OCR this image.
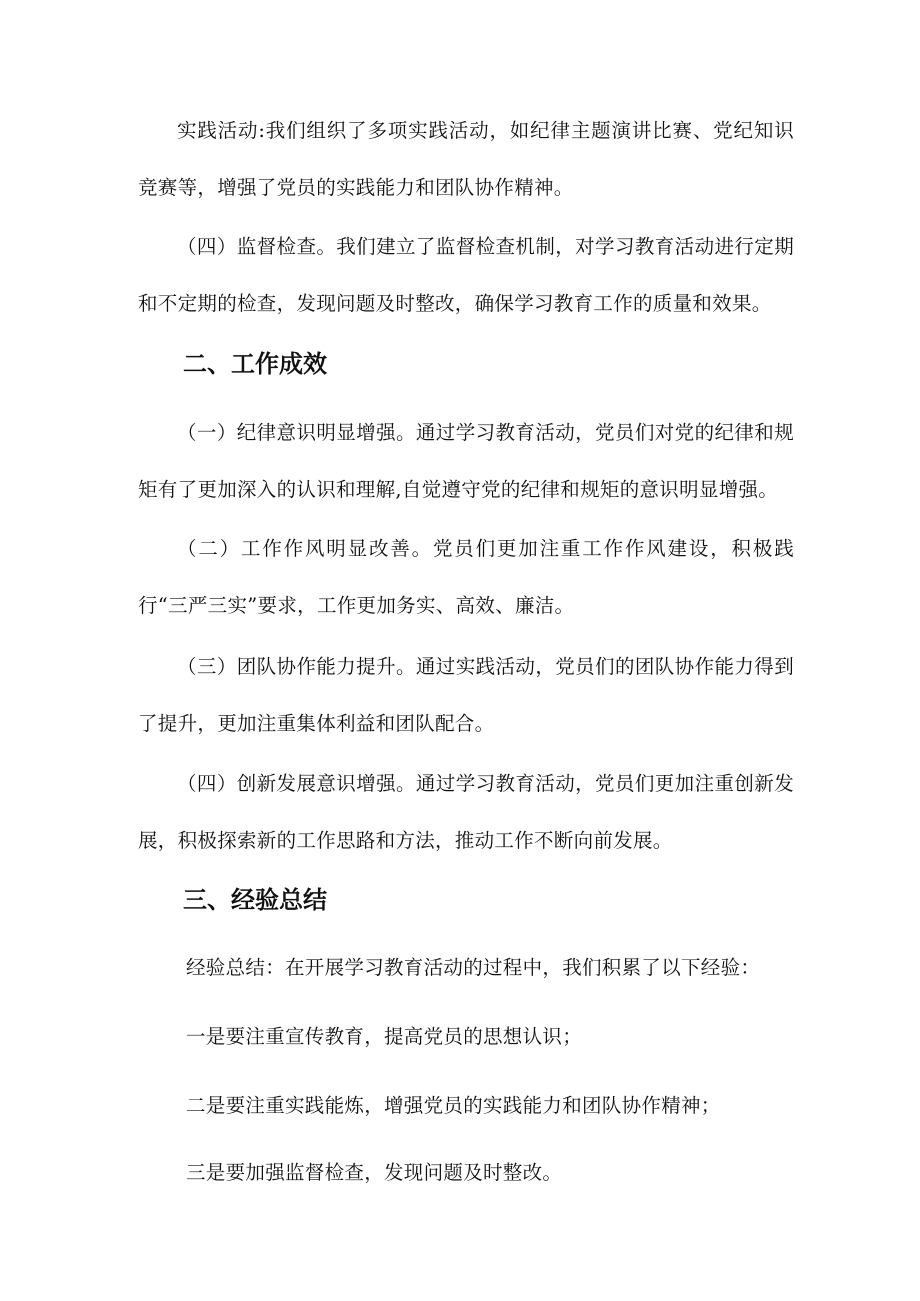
实践活动:我们组织了多项实践活动，如纪律主题演讲比赛、党纪知识竞赛等，增强了党员的实践能力和团队协作精神。

（四）监督检查。我们建立了监督检查机制，对学习教育活动进行定期和不定期的检查，发现问题及时整改，确保学习教育工作的质量和效果。

二、工作成效

（一）纪律意识明显增强。通过学习教育活动，党员们对党的纪律和规矩有了更加深入的认识和理解,自觉遵守党的纪律和规矩的意识明显增强。

（二）工作作风明显改善。党员们更加注重工作作风建设，积极践行“三严三实”要求，工作更加务实、高效、廉洁。

（三）团队协作能力提升。通过实践活动，党员们的团队协作能力得到了提升，更加注重集体利益和团队配合。

（四）创新发展意识增强。通过学习教育活动，党员们更加注重创新发展，积极探索新的工作思路和方法，推动工作不断向前发展。

三、经验总结

经验总结：在开展学习教育活动的过程中，我们积累了以下经验：

一是要注重宣传教育，提高党员的思想认识；

二是要注重实践能炼，增强党员的实践能力和团队协作精神；

三是要加强监督检查，发现问题及时整改。
